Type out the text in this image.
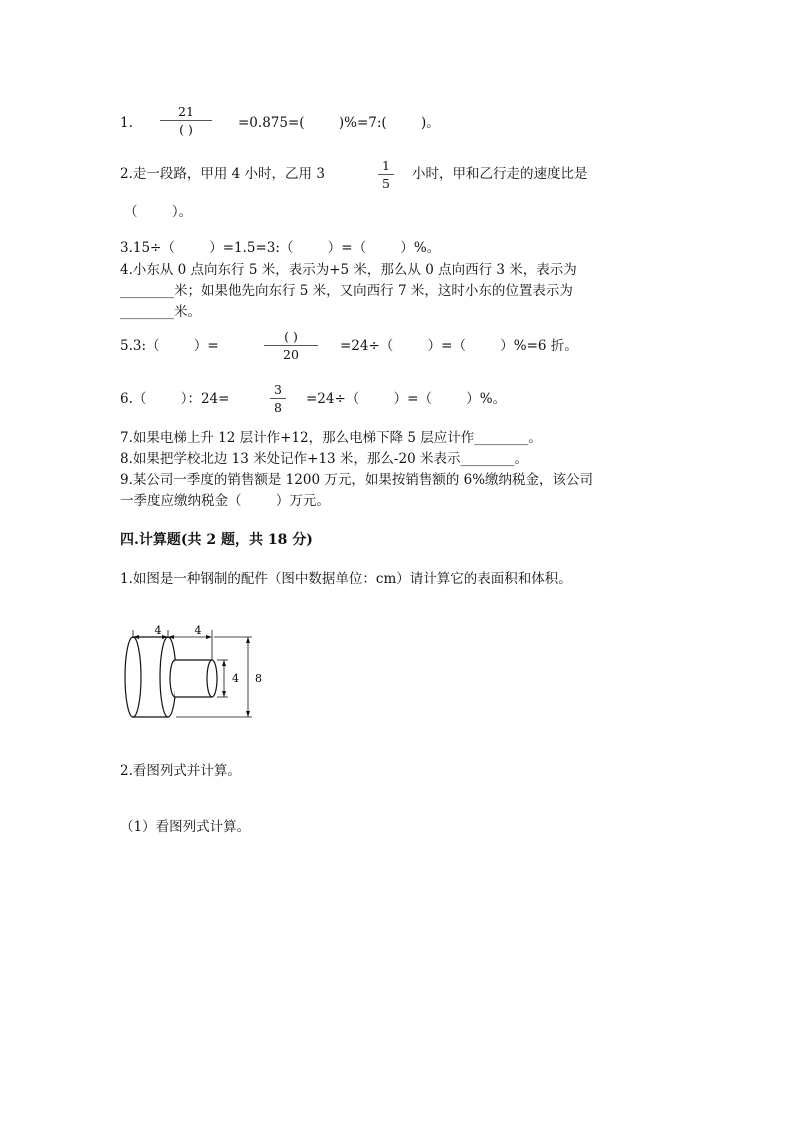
1.
21
( )	=0.875=(        )%=7:(        )。
2.走一段路，甲用 4 小时，乙用 3
1
5
小时，甲和乙行走的速度比是
（        ）。
3.15÷（        ）=1.5=3:（        ）=（        ）%。
4.小东从 0 点向东行 5 米，表示为+5 米，那么从 0 点向西行 3 米，表示为
________米；如果他先向东行 5 米，又向西行 7 米，这时小东的位置表示为
________米。
5.3:（        ）=
( )
20
=24÷（        ）=（        ）%=6 折。
6.（        ）：24=
3
8
=24÷（        ）=（        ）%。
7.如果电梯上升 12 层计作+12，那么电梯下降 5 层应计作________。
8.如果把学校北边 13 米处记作+13 米，那么-20 米表示________。
9.某公司一季度的销售额是 1200 万元，如果按销售额的 6%缴纳税金，该公司
一季度应缴纳税金（        ）万元。
四.计算题(共 2 题，共 18 分)
1.如图是一种钢制的配件（图中数据单位：cm）请计算它的表面积和体积。
4	4
4 8
2.看图列式并计算。
（1）看图列式计算。
